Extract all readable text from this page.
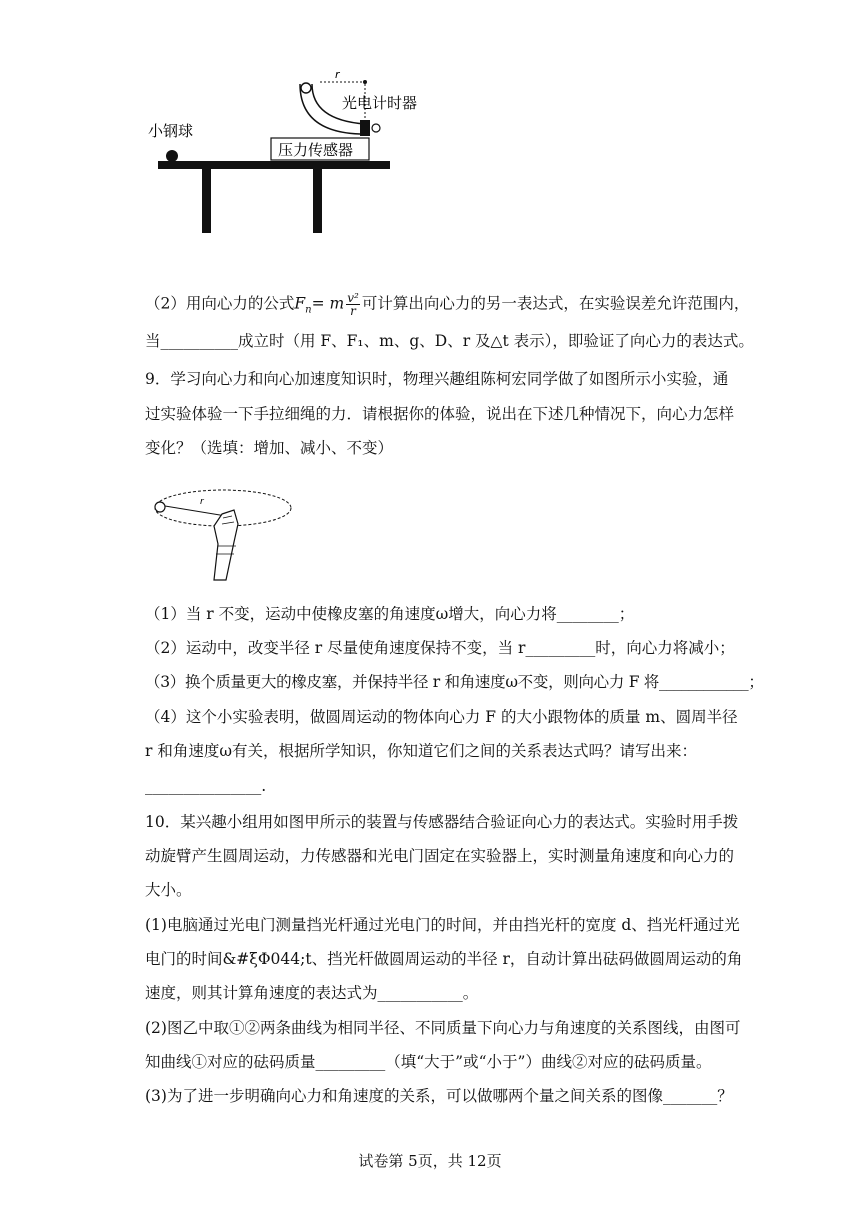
r
光电计时器
压力传感器
小钢球
（2）用向心力的公式$F_n= m \frac{\text{v²}}{r}$ 可计算出向心力的另一表达式，在实验误差允许范围内，
当__________成立时（用 F、F₁、m、g、D、r 及△t 表示），即验证了向心力的表达式。
9．学习向心力和向心加速度知识时，物理兴趣组陈柯宏同学做了如图所示小实验，通
过实验体验一下手拉细绳的力．请根据你的体验，说出在下述几种情况下，向心力怎样
变化？（选填：增加、减小、不变）
r
（1）当 r 不变，运动中使橡皮塞的角速度ω增大，向心力将________；
（2）运动中，改变半径 r 尽量使角速度保持不变，当 r_________时，向心力将减小；
（3）换个质量更大的橡皮塞，并保持半径 r 和角速度ω不变，则向心力 F 将____________；
（4）这个小实验表明，做圆周运动的物体向心力 F 的大小跟物体的质量 m、圆周半径
r 和角速度ω有关，根据所学知识，你知道它们之间的关系表达式吗？请写出来：
_______________.
10．某兴趣小组用如图甲所示的装置与传感器结合验证向心力的表达式。实验时用手拨
动旋臂产生圆周运动，力传感器和光电门固定在实验器上，实时测量角速度和向心力的
大小。
(1)电脑通过光电门测量挡光杆通过光电门的时间，并由挡光杆的宽度 d、挡光杆通过光
电门的时间&#ξΦ044;t、挡光杆做圆周运动的半径 r，自动计算出砝码做圆周运动的角
速度，则其计算角速度的表达式为___________。
(2)图乙中取①②两条曲线为相同半径、不同质量下向心力与角速度的关系图线，由图可
知曲线①对应的砝码质量_________（填“大于”或“小于”）曲线②对应的砝码质量。
(3)为了进一步明确向心力和角速度的关系，可以做哪两个量之间关系的图像_______？
试卷第 5页，共 12页
